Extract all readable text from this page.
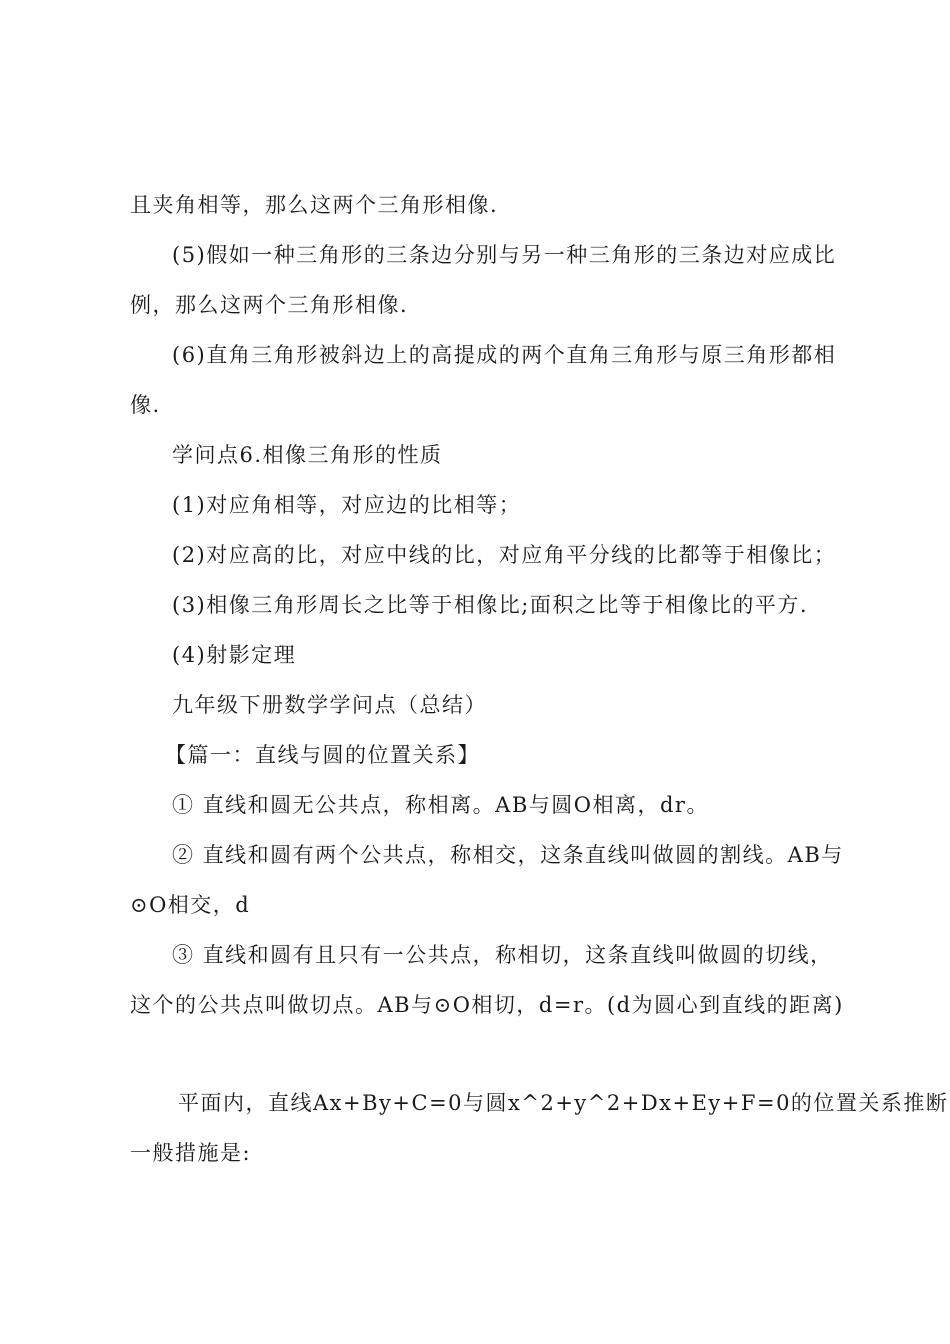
且夹角相等，那么这两个三角形相像.
(5)假如一种三角形的三条边分别与另一种三角形的三条边对应成比
例，那么这两个三角形相像.
(6)直角三角形被斜边上的高提成的两个直角三角形与原三角形都相
像.
学问点6.相像三角形的性质
(1)对应角相等，对应边的比相等；
(2)对应高的比，对应中线的比，对应角平分线的比都等于相像比；
(3)相像三角形周长之比等于相像比;面积之比等于相像比的平方.
(4)射影定理
九年级下册数学学问点（总结）
【篇一：直线与圆的位置关系】
① 直线和圆无公共点，称相离。AB与圆O相离，dr。
② 直线和圆有两个公共点，称相交，这条直线叫做圆的割线。AB与
⊙O相交，d
③ 直线和圆有且只有一公共点，称相切，这条直线叫做圆的切线，
这个的公共点叫做切点。AB与⊙O相切，d=r。(d为圆心到直线的距离)
平面内，直线Ax+By+C=0与圆x^2+y^2+Dx+Ey+F=0的位置关系推断
一般措施是:
